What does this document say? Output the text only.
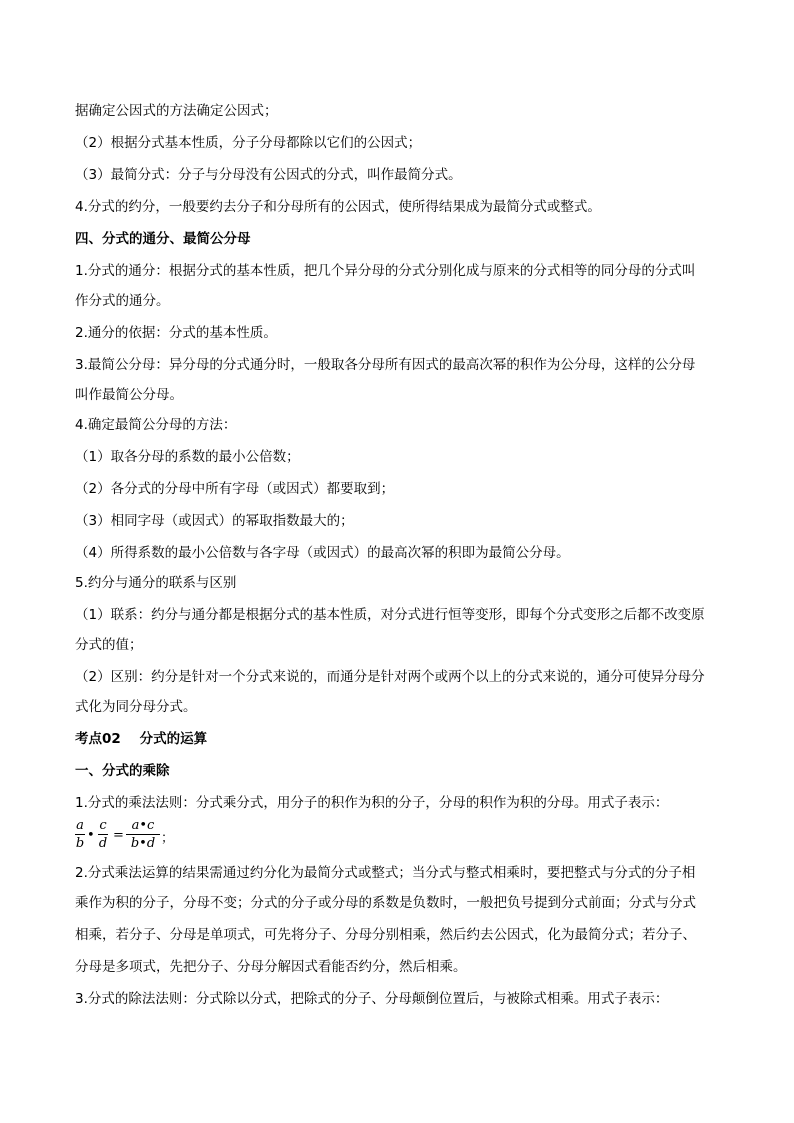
据确定公因式的方法确定公因式；
（2）根据分式基本性质，分子分母都除以它们的公因式；
（3）最简分式：分子与分母没有公因式的分式，叫作最简分式。
4.分式的约分，一般要约去分子和分母所有的公因式，使所得结果成为最简分式或整式。
四、分式的通分、最简公分母
1.分式的通分：根据分式的基本性质，把几个异分母的分式分别化成与原来的分式相等的同分母的分式叫
作分式的通分。
2.通分的依据：分式的基本性质。
3.最简公分母：异分母的分式通分时，一般取各分母所有因式的最高次幂的积作为公分母，这样的公分母
叫作最简公分母。
4.确定最简公分母的方法：
（1）取各分母的系数的最小公倍数；
（2）各分式的分母中所有字母（或因式）都要取到；
（3）相同字母（或因式）的幂取指数最大的；
（4）所得系数的最小公倍数与各字母（或因式）的最高次幂的积即为最简公分母。
5.约分与通分的联系与区别
（1）联系：约分与通分都是根据分式的基本性质，对分式进行恒等变形，即每个分式变形之后都不改变原
分式的值；
（2）区别：约分是针对一个分式来说的，而通分是针对两个或两个以上的分式来说的，通分可使异分母分
式化为同分母分式。
考点02    分式的运算
一、分式的乘除
1.分式的乘法法则：分式乘分式，用分子的积作为积的分子，分母的积作为积的分母。用式子表示：
a
b
•
c
d
=
a•c
b•d ；
2.分式乘法运算的结果需通过约分化为最简分式或整式；当分式与整式相乘时，要把整式与分式的分子相
乘作为积的分子，分母不变；分式的分子或分母的系数是负数时，一般把负号提到分式前面；分式与分式
相乘，若分子、分母是单项式，可先将分子、分母分别相乘，然后约去公因式，化为最简分式；若分子、
分母是多项式，先把分子、分母分解因式看能否约分，然后相乘。
3.分式的除法法则：分式除以分式，把除式的分子、分母颠倒位置后，与被除式相乘。用式子表示：
